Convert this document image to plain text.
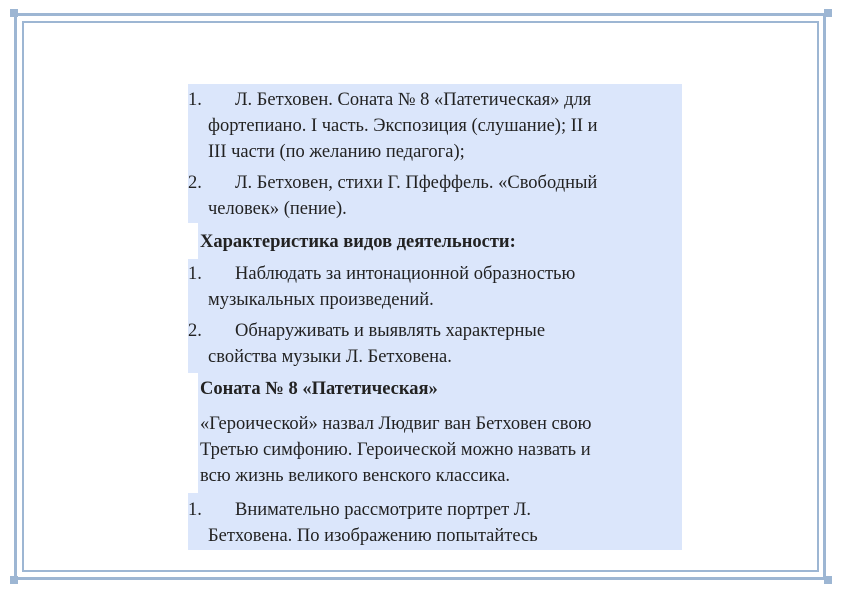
1. Л. Бетховен. Соната № 8 «Патетическая» для
фортепиано. I часть. Экспозиция (слушание); II и
III части (по желанию педагога);
2. Л. Бетховен, стихи Г. Пфеффель. «Свободный
человек» (пение).
Характеристика видов деятельности:
1. Наблюдать за интонационной образностью
музыкальных произведений.
2. Обнаруживать и выявлять характерные
свойства музыки Л. Бетховена.
Соната № 8 «Патетическая»
«Героической» назвал Людвиг ван Бетховен свою
Третью симфонию. Героической можно назвать и
всю жизнь великого венского классика.
1. Внимательно рассмотрите портрет Л.
Бетховена. По изображению попытайтесь
